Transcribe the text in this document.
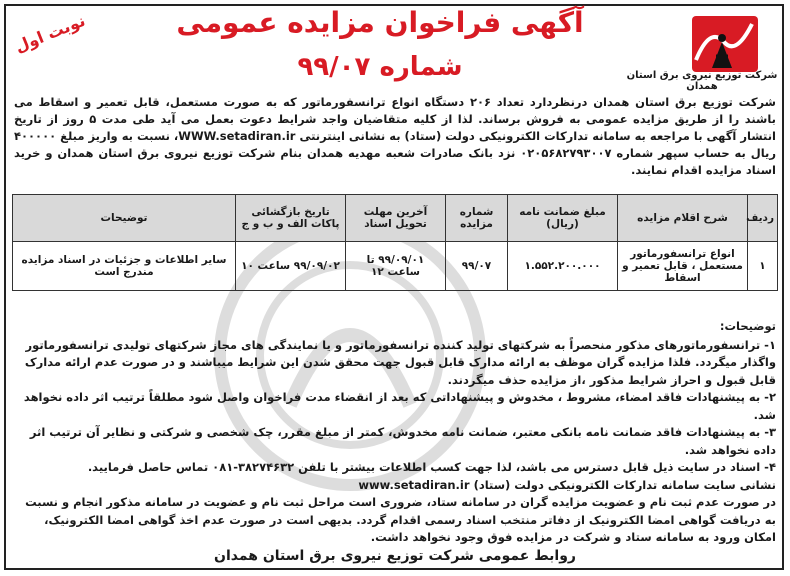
شرکت توزیع نیروی برق استان همدان
نوبت اول	آگهی فراخوان مزایده عمومی
شماره ۹۹/۰۷
شرکت توزیع برق استان همدان درنظردارد تعداد ۲۰۶ دستگاه انواع ترانسفورماتور که به صورت مستعمل، قابل تعمیر و اسقاط می باشند را از طریق مزایده عمومی به فروش برساند. لذا از کلیه متقاضیان واجد شرایط دعوت بعمل می آید طی مدت ۵ روز از تاریخ انتشار آگهی با مراجعه به سامانه تدارکات الکترونیکی دولت (ستاد) به نشانی اینترنتی WWW.setadiran.ir، نسبت به واریز مبلغ ۴۰۰۰۰۰ ریال به حساب سپهر شماره ۰۲۰۵۶۸۲۷۹۳۰۰۷ نزد بانک صادرات شعبه مهدیه همدان بنام شرکت توزیع نیروی برق استان همدان و خرید اسناد مزایده اقدام نمایند.
ردیف	شرح اقلام مزایده	مبلغ ضمانت نامه (ریال)	شماره مزایده	آخرین مهلت تحویل اسناد	تاریخ بازگشائی پاکات الف و ب و ج	توضیحات
۱	انواع ترانسفورماتور مستعمل ، قابل تعمیر و اسقاط	۱.۵۵۲.۲۰۰.۰۰۰	۹۹/۰۷	۹۹/۰۹/۰۱ تا ساعت ۱۲	۹۹/۰۹/۰۲ ساعت ۱۰	سایر اطلاعات و جزئیات در اسناد مزایده مندرج است

توضیحات:

۱- ترانسفورماتورهای مذکور منحصراً به شرکتهای تولید کننده ترانسفورماتور و یا نمایندگی های مجاز شرکتهای تولیدی ترانسفورماتور واگذار میگردد. فلذا مزایده گران موظف به ارائه مدارک قابل قبول جهت محقق شدن این شرایط میباشند و در صورت عدم ارائه مدارک قابل قبول و احراز شرایط مذکور ،از مزایده حذف میگردند.

۲- به پیشنهادات فاقد امضاء، مشروط ، مخدوش و پیشنهاداتی که بعد از انقضاء مدت فراخوان واصل شود مطلقاً ترتیب اثر داده نخواهد شد.

۳- به پیشنهادات فاقد ضمانت نامه بانکی معتبر، ضمانت نامه مخدوش، کمتر از مبلغ مقرر، چک شخصی و شرکتی و نظایر آن ترتیب اثر داده نخواهد شد.

۴- اسناد در سایت ذیل قابل دسترس می باشد، لذا جهت کسب اطلاعات بیشتر با تلفن ۳۸۲۷۴۶۳۲-۰۸۱ تماس حاصل فرمایید.

نشانی سایت سامانه تدارکات الکترونیکی دولت (ستاد) www.setadiran.ir

در صورت عدم ثبت نام و عضویت مزایده گران در سامانه ستاد، ضروری است مراحل ثبت نام و عضویت در سامانه مذکور انجام و نسبت به دریافت گواهی امضا الکترونیک از دفاتر منتخب اسناد رسمی اقدام گردد. بدیهی است در صورت عدم اخذ گواهی امضا الکترونیک، امکان ورود به سامانه ستاد و شرکت در مزایده فوق وجود نخواهد داشت.

روابط عمومی شرکت توزیع نیروی برق استان همدان
